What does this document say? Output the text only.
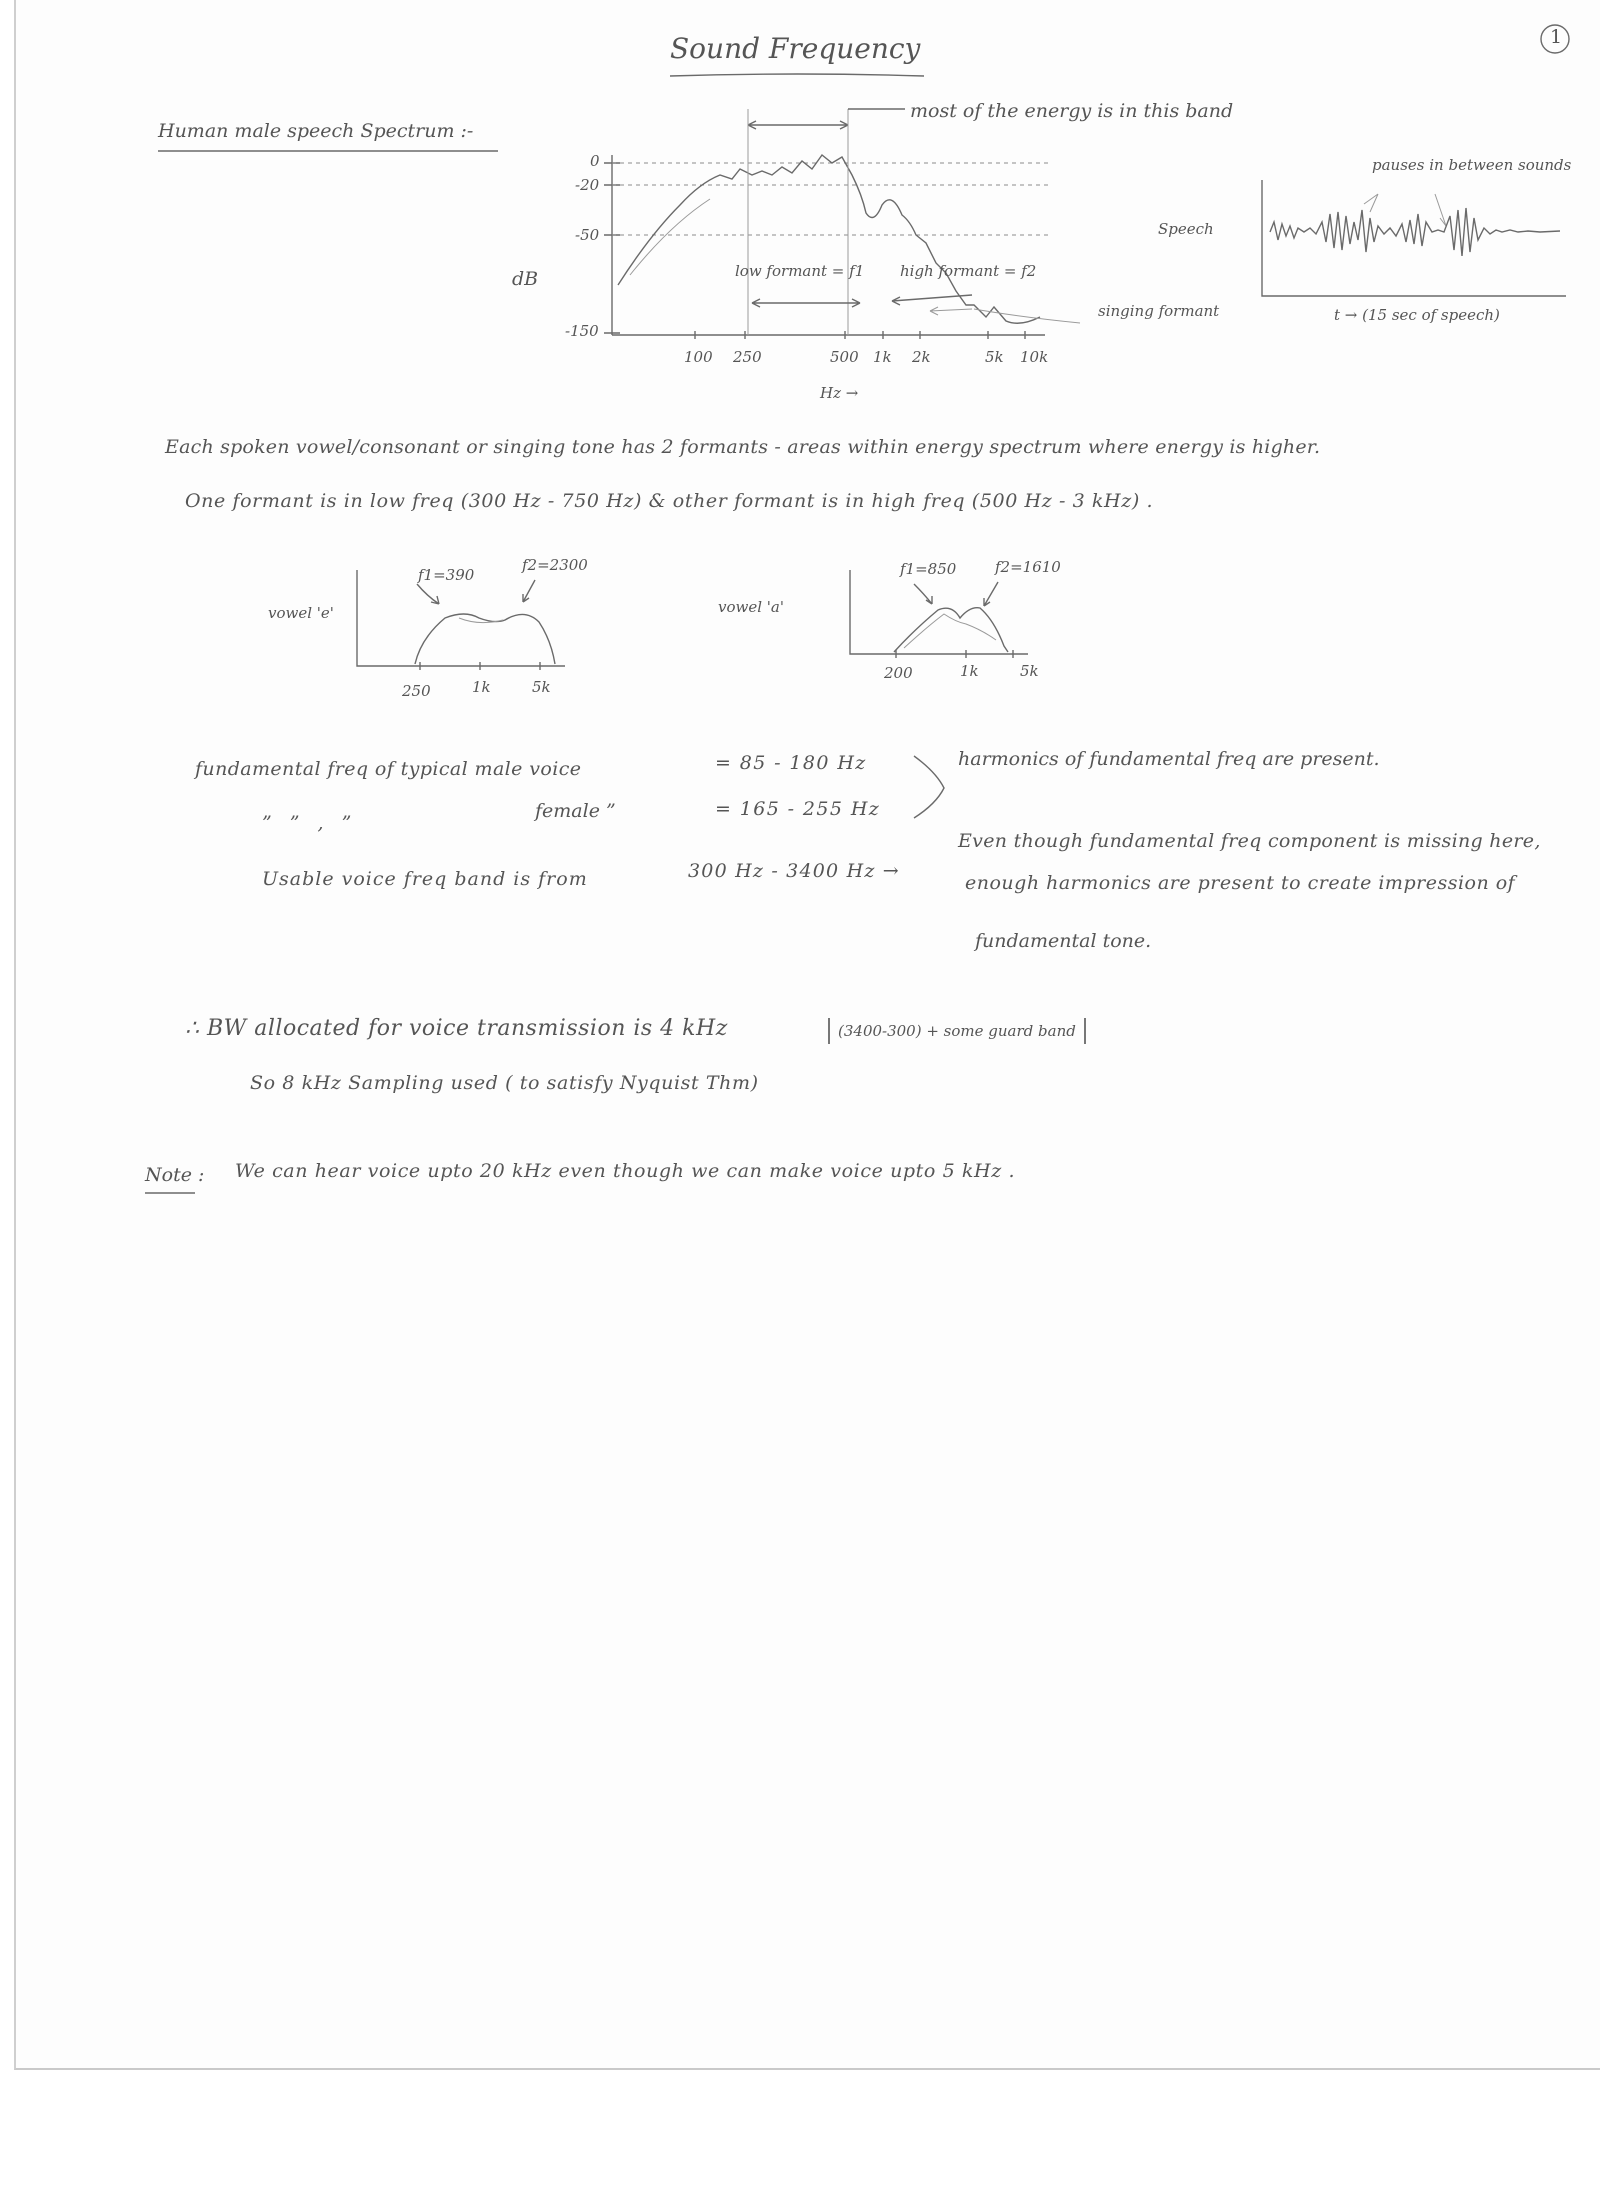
1
Sound Frequency
Human male speech Spectrum :-
most of the energy is in this band
0
-20
-50
-150
dB	low formant = f1 high formant = f2
singing formant
100 250	500 1k 2k	5k 10k
Hz →
pauses in between sounds
Speech
t → (15 sec of speech)
Each spoken vowel/consonant or singing tone has 2 formants - areas within energy spectrum where energy is higher.
One formant is in low freq (300 Hz - 750 Hz) & other formant is in high freq (500 Hz - 3 kHz) .
vowel 'e'
f1=390
f2=2300
250	1k	5k
vowel 'a'
f1=850	f2=1610
200	1k	5k
fundamental freq of typical male voice	= 85 - 180 Hz
” ” , ”
female ”	= 165 - 255 Hz
harmonics of fundamental freq are present.
Usable voice freq band is from	300 Hz - 3400 Hz →
Even though fundamental freq component is missing here,
enough harmonics are present to create impression of
fundamental tone.
∴ BW allocated for voice transmission is 4 kHz	(3400-300) + some guard band
So 8 kHz Sampling used ( to satisfy Nyquist Thm)
Note : We can hear voice upto 20 kHz even though we can make voice upto 5 kHz .
